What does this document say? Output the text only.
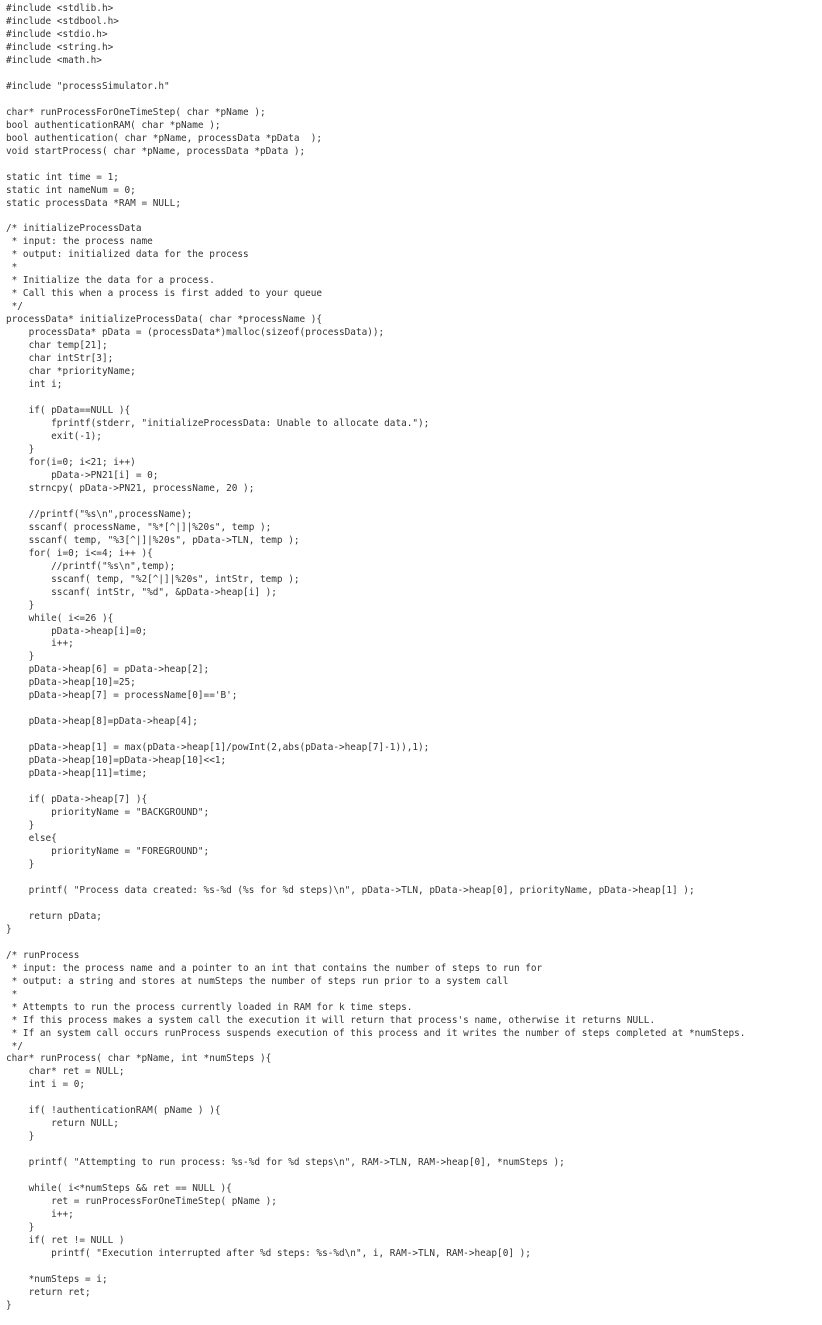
#include <stdlib.h>
#include <stdbool.h>
#include <stdio.h>
#include <string.h>
#include <math.h>
#include "processSimulator.h"
char* runProcessForOneTimeStep( char *pName );
bool authenticationRAM( char *pName );
bool authentication( char *pName, processData *pData  );
void startProcess( char *pName, processData *pData );
static int time = 1;
static int nameNum = 0;
static processData *RAM = NULL;
/* initializeProcessData
* input: the process name
* output: initialized data for the process
*
* Initialize the data for a process.
* Call this when a process is first added to your queue
*/
processData* initializeProcessData( char *processName ){
processData* pData = (processData*)malloc(sizeof(processData));
char temp[21];
char intStr[3];
char *priorityName;
int i;
if( pData==NULL ){
fprintf(stderr, "initializeProcessData: Unable to allocate data.");
exit(-1);
}
for(i=0; i<21; i++)
pData->PN21[i] = 0;
strncpy( pData->PN21, processName, 20 );
//printf("%s\n",processName);
sscanf( processName, "%*[^|]|%20s", temp );
sscanf( temp, "%3[^|]|%20s", pData->TLN, temp );
for( i=0; i<=4; i++ ){
//printf("%s\n",temp);
sscanf( temp, "%2[^|]|%20s", intStr, temp );
sscanf( intStr, "%d", &pData->heap[i] );
}
while( i<=26 ){
pData->heap[i]=0;
i++;
}
pData->heap[6] = pData->heap[2];
pData->heap[10]=25;
pData->heap[7] = processName[0]=='B';
pData->heap[8]=pData->heap[4];
pData->heap[1] = max(pData->heap[1]/powInt(2,abs(pData->heap[7]-1)),1);
pData->heap[10]=pData->heap[10]<<1;
pData->heap[11]=time;
if( pData->heap[7] ){
priorityName = "BACKGROUND";
}
else{
priorityName = "FOREGROUND";
}
printf( "Process data created: %s-%d (%s for %d steps)\n", pData->TLN, pData->heap[0], priorityName, pData->heap[1] );
return pData;
}
/* runProcess
* input: the process name and a pointer to an int that contains the number of steps to run for
* output: a string and stores at numSteps the number of steps run prior to a system call
*
* Attempts to run the process currently loaded in RAM for k time steps.
* If this process makes a system call the execution it will return that process's name, otherwise it returns NULL.
* If an system call occurs runProcess suspends execution of this process and it writes the number of steps completed at *numSteps.
*/
char* runProcess( char *pName, int *numSteps ){
char* ret = NULL;
int i = 0;
if( !authenticationRAM( pName ) ){
return NULL;
}
printf( "Attempting to run process: %s-%d for %d steps\n", RAM->TLN, RAM->heap[0], *numSteps );
while( i<*numSteps && ret == NULL ){
ret = runProcessForOneTimeStep( pName );
i++;
}
if( ret != NULL )
printf( "Execution interrupted after %d steps: %s-%d\n", i, RAM->TLN, RAM->heap[0] );
*numSteps = i;
return ret;
}
